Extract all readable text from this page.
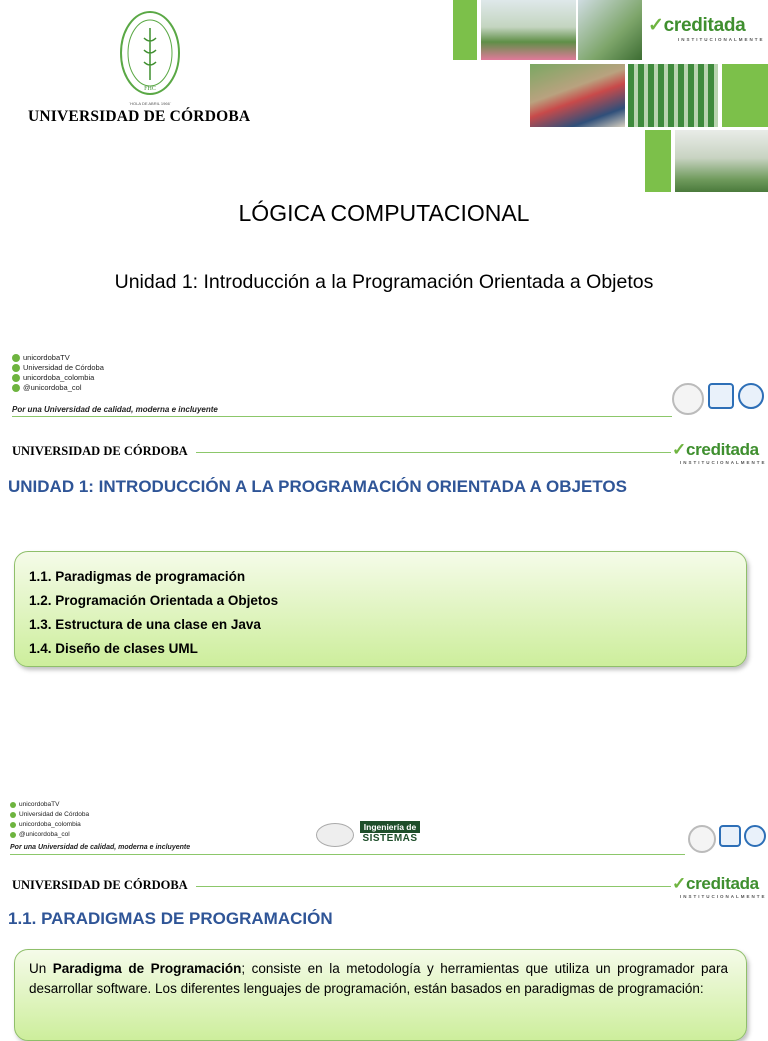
FHC
¨HOLA DE ABRIL 1966¨
UNIVERSIDAD DE CÓRDOBA
✓creditada
INSTITUCIONALMENTE
LÓGICA COMPUTACIONAL
Unidad 1: Introducción a la Programación Orientada a Objetos
unicordobaTV
Universidad de Córdoba
unicordoba_colombia
@unicordoba_col
Por una Universidad de calidad, moderna e incluyente
UNIVERSIDAD DE CÓRDOBA	✓creditada
INSTITUCIONALMENTE
UNIDAD 1: INTRODUCCIÓN A LA PROGRAMACIÓN ORIENTADA A OBJETOS
1.1. Paradigmas de programación
1.2. Programación Orientada a Objetos
1.3. Estructura de una clase en Java
1.4. Diseño de clases UML
unicordobaTV
Universidad de Córdoba
unicordoba_colombia
@unicordoba_col
Por una Universidad de calidad, moderna e incluyente
Ingeniería de
SISTEMAS
UNIVERSIDAD DE CÓRDOBA	✓creditada
INSTITUCIONALMENTE
1.1. PARADIGMAS DE PROGRAMACIÓN

Un Paradigma de Programación; consiste en la metodología y herramientas que utiliza un programador para desarrollar software. Los diferentes lenguajes de programación, están basados en paradigmas de programación:
